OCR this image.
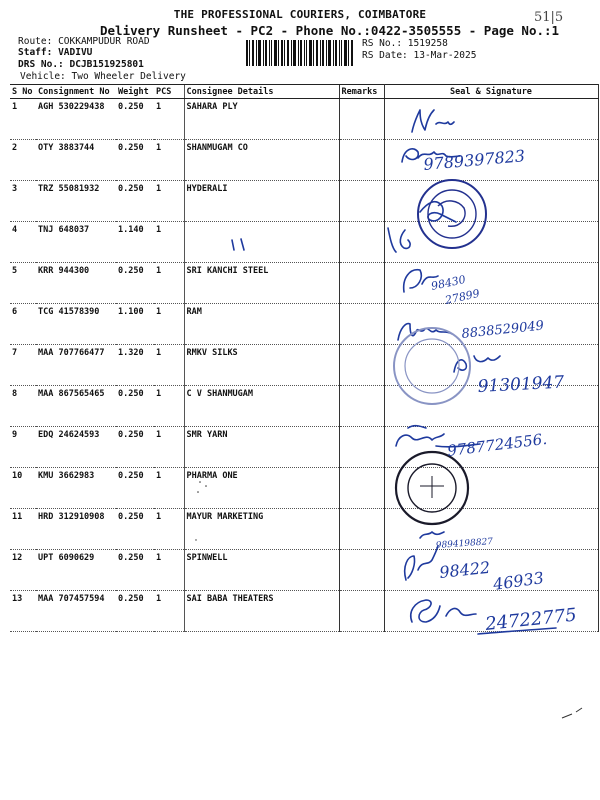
THE PROFESSIONAL COURIERS, COIMBATORE
Delivery Runsheet - PC2 - Phone No.:0422-3505555 - Page No.:1
51|5
Route: COKKAMPUDUR ROAD
Staff: VADIVU
DRS No.: DCJB151925801
Vehicle: Two Wheeler Delivery
RS No.: 1519258
RS Date: 13-Mar-2025
S No	Consignment No	Weight	PCS	Consignee Details	Remarks	Seal & Signature
1	AGH 530229438	0.250	1	SAHARA PLY		
2	OTY 3883744	0.250	1	SHANMUGAM CO		
3	TRZ 55081932	0.250	1	HYDERALI		
4	TNJ 648037	1.140	1			
5	KRR 944300	0.250	1	SRI KANCHI STEEL		
6	TCG 41578390	1.100	1	RAM		
7	MAA 707766477	1.320	1	RMKV SILKS		
8	MAA 867565465	0.250	1	C V SHANMUGAM		
9	EDQ 24624593	0.250	1	SMR YARN		
10	KMU 3662983	0.250	1	PHARMA ONE		
11	HRD 312910908	0.250	1	MAYUR MARKETING		
12	UPT 6090629	0.250	1	SPINWELL		
13	MAA 707457594	0.250	1	SAI BABA THEATERS		
9789397823
98430
27899
8838529049
91301947
9787724556.
9894198827
98422 46933
24722775
